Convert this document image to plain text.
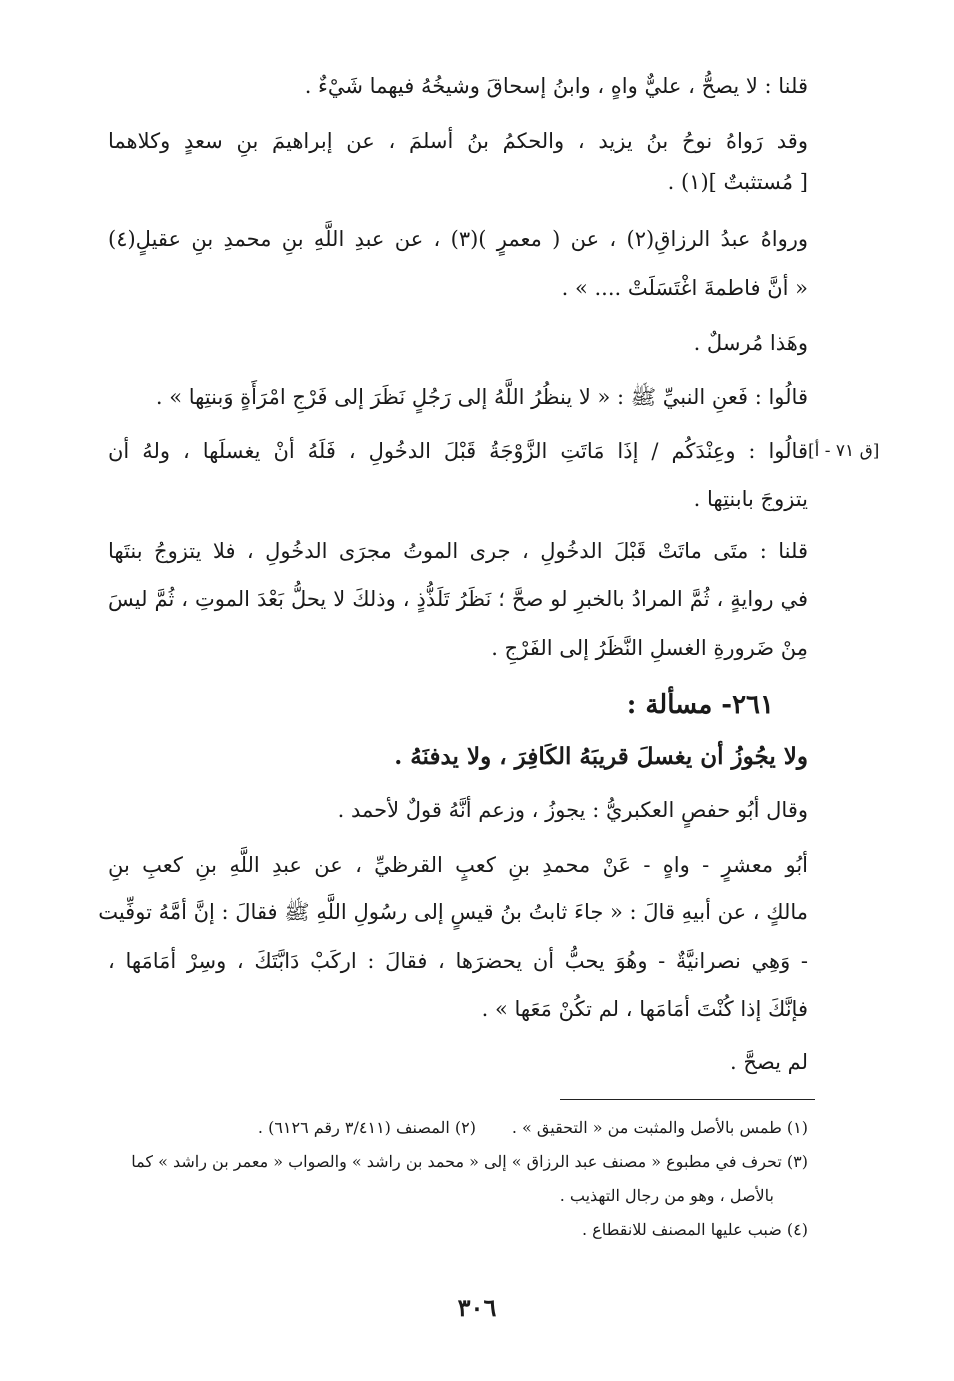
قلنا : لا يصحُّ ، عليٌّ واهٍ ، وابنُ إسحاقَ وشيخُهُ فيهما شَيْءٌ .
وقد رَواهُ نوحُ بنُ يزيد ، والحكمُ بنُ أسلمَ ، عن إبراهيمَ بنِ سعدٍ وكلاهما
[ مُستثبتٌ ](١) .
ورواهُ عبدُ الرزاقِ(٢) ، عن ( معمرٍ )(٣) ، عن عبدِ اللَّهِ بنِ محمدِ بنِ عقيلٍ(٤)
« أنَّ فاطمةَ اغْتَسَلَتْ .... » .
وهَذا مُرسلٌ .
قالُوا : فَعنِ النبيِّ ﷺ : « لا ينظُرُ اللَّهُ إلى رَجُلٍ نَظَرَ إلى فَرْجِ امْرَأَةٍ وَبنتِها » .
قالُوا : وعِنْدَكُم / إذَا مَاتَتِ الزَّوْجَةُ قَبْلَ الدخُولِ ، فَلَهُ أنْ يغسلَها ، ولهُ أن [ق ٧١ - أ]
يتزوجَ بابنتِها .
قلنا : متَى ماتَتْ قَبْلَ الدخُولِ ، جرى الموتُ مجرَى الدخُولِ ، فلا يتزوجُ بنتَها
في روايةٍ ، ثُمَّ المرادُ بالخبرِ لو صحَّ ؛ نَظَرُ تَلَذُّذٍ ، وذلكَ لا يحلُّ بَعْدَ الموتِ ، ثُمَّ ليسَ
مِنْ ضَرورةِ الغسلِ النَّظَرُ إلى الفَرْجِ .
٢٦١- مسألة :
ولا يجُوزُ أن يغسلَ قريبَهُ الكَافِرَ ، ولا يدفنَهُ .
وقال أبُو حفصٍ العكبريُّ : يجوزُ ، وزعم أنَّهُ قولٌ لأحمد .
أبُو معشرٍ - واهٍ - عَنْ محمدِ بنِ كعبٍ القرظيِّ ، عن عبدِ اللَّهِ بنِ كعبِ بنِ
مالكٍ ، عن أبيهِ قالَ : « جاءَ ثابتُ بنُ قيسٍ إلى رسُولِ اللَّهِ ﷺ فقالَ : إنَّ أمَّهُ توفِّيت
- وَهِي نصرانيَّةٌ - وهُوَ يحبُّ أن يحضرَها ، فقالَ : اركَبْ دَابَّتَكَ ، وسِرْ أمَامَها ،
فإنَّكَ إذا كُنْتَ أمَامَها ، لم تكُنْ مَعَها » .
لم يصحَّ .
(١) طمس بالأصل والمثبت من « التحقيق » .
(٢) المصنف (٣/٤١١ رقم ٦١٢٦) .
(٣) تحرف في مطبوع « مصنف عبد الرزاق » إلى « محمد بن راشد » والصواب « معمر بن راشد » كما
بالأصل ، وهو من رجال التهذيب .
(٤) ضبب عليها المصنف للانقطاع .
٣٠٦
